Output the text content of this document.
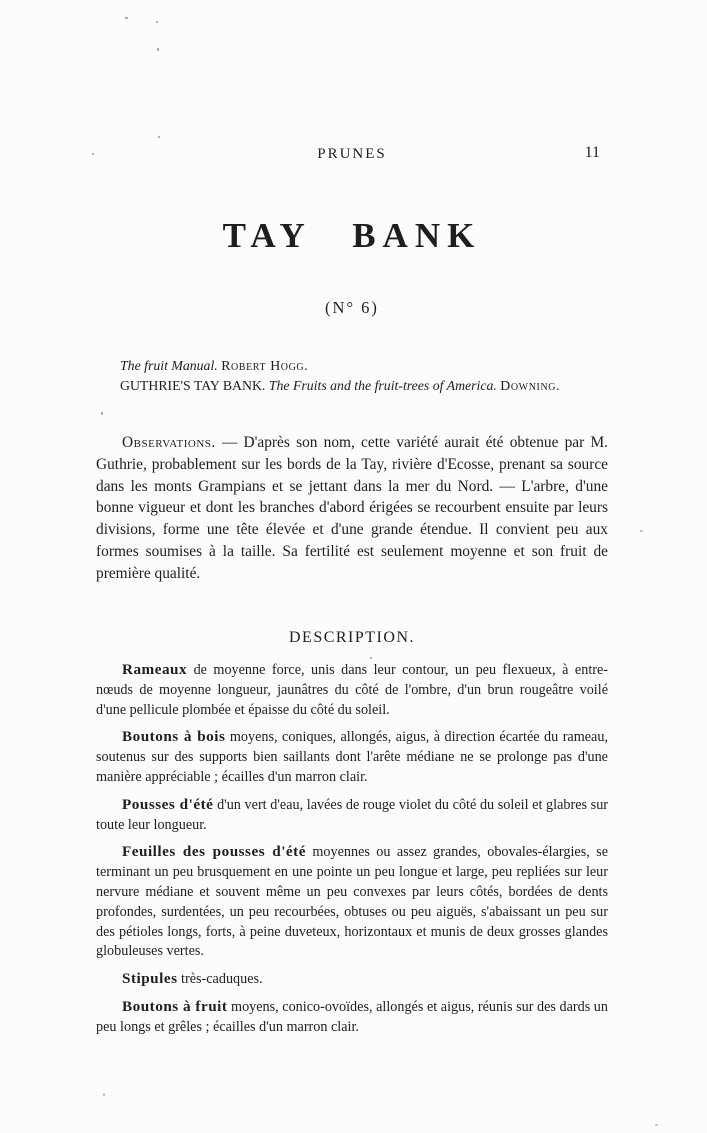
PRUNES	11
TAY BANK
(N° 6)
The fruit Manual. Robert Hogg.
GUTHRIE'S TAY BANK. The Fruits and the fruit-trees of America. Downing.
Observations. — D'après son nom, cette variété aurait été obtenue par M. Guthrie, probablement sur les bords de la Tay, rivière d'Ecosse, prenant sa source dans les monts Grampians et se jettant dans la mer du Nord. — L'arbre, d'une bonne vigueur et dont les branches d'abord érigées se recourbent ensuite par leurs divisions, forme une tête élevée et d'une grande étendue. Il convient peu aux formes soumises à la taille. Sa fertilité est seulement moyenne et son fruit de première qualité.
DESCRIPTION.

Rameaux de moyenne force, unis dans leur contour, un peu flexueux, à entre-nœuds de moyenne longueur, jaunâtres du côté de l'ombre, d'un brun rougeâtre voilé d'une pellicule plombée et épaisse du côté du soleil.

Boutons à bois moyens, coniques, allongés, aigus, à direction écartée du rameau, soutenus sur des supports bien saillants dont l'arête médiane ne se prolonge pas d'une manière appréciable ; écailles d'un marron clair.

Pousses d'été d'un vert d'eau, lavées de rouge violet du côté du soleil et glabres sur toute leur longueur.

Feuilles des pousses d'été moyennes ou assez grandes, obovales-élargies, se terminant un peu brusquement en une pointe un peu longue et large, peu repliées sur leur nervure médiane et souvent même un peu convexes par leurs côtés, bordées de dents profondes, surdentées, un peu recourbées, obtuses ou peu aiguës, s'abaissant un peu sur des pétioles longs, forts, à peine duveteux, horizontaux et munis de deux grosses glandes globuleuses vertes.

Stipules très-caduques.

Boutons à fruit moyens, conico-ovoïdes, allongés et aigus, réunis sur des dards un peu longs et grêles ; écailles d'un marron clair.
